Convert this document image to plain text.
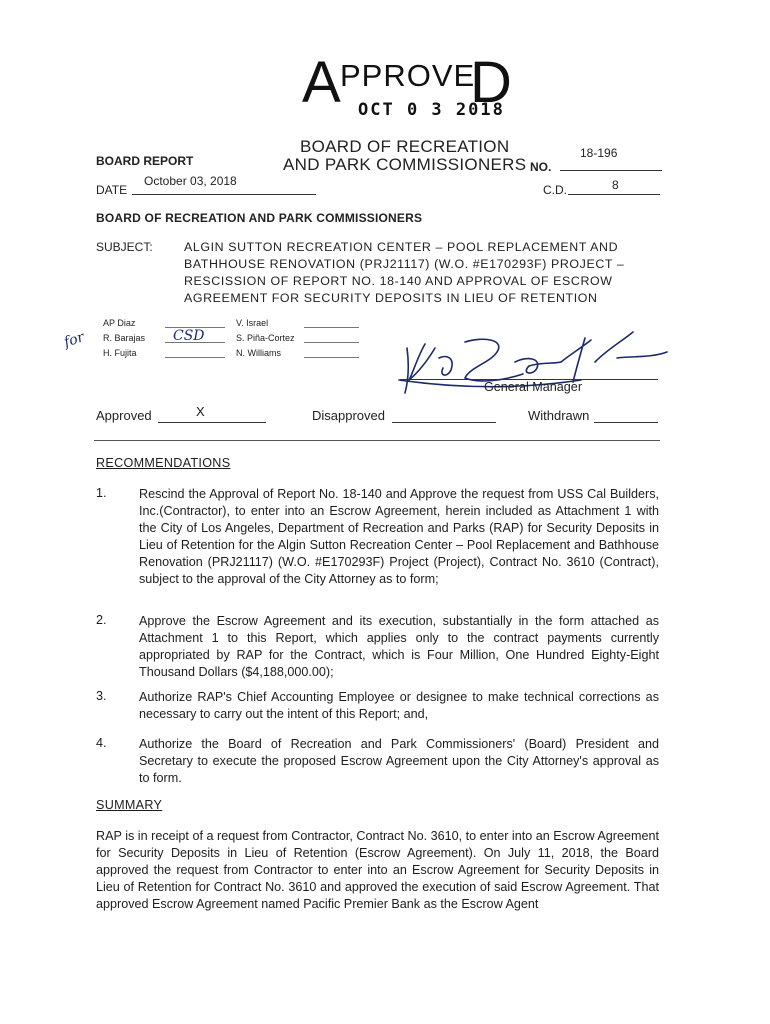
A PPROVE
D
OCT 0 3 2018
BOARD OF RECREATION
AND PARK COMMISSIONERS
BOARD REPORT	NO.
18-196
DATE
October 03, 2018
C.D.	8
BOARD OF RECREATION AND PARK COMMISSIONERS
SUBJECT:	ALGIN SUTTON RECREATION CENTER – POOL REPLACEMENT AND
BATHHOUSE RENOVATION (PRJ21117) (W.O. #E170293F) PROJECT –
RESCISSION OF REPORT NO. 18-140 AND APPROVAL OF ESCROW
AGREEMENT FOR SECURITY DEPOSITS IN LIEU OF RETENTION
AP Diaz
R. Barajas
H. Fujita
CSD
for
V. Israel
S. Piña-Cortez
N. Williams
General Manager
Approved	X	Disapproved	Withdrawn
RECOMMENDATIONS
1.	Rescind the Approval of Report No. 18-140 and Approve the request from USS Cal Builders, Inc.(Contractor), to enter into an Escrow Agreement, herein included as Attachment 1 with the City of Los Angeles, Department of Recreation and Parks (RAP) for Security Deposits in Lieu of Retention for the Algin Sutton Recreation Center – Pool Replacement and Bathhouse Renovation (PRJ21117) (W.O. #E170293F) Project (Project), Contract No. 3610 (Contract), subject to the approval of the City Attorney as to form;
2.	Approve the Escrow Agreement and its execution, substantially in the form attached as Attachment 1 to this Report, which applies only to the contract payments currently appropriated by RAP for the Contract, which is Four Million, One Hundred Eighty-Eight Thousand Dollars ($4,188,000.00);
3.	Authorize RAP's Chief Accounting Employee or designee to make technical corrections as necessary to carry out the intent of this Report; and,
4.	Authorize the Board of Recreation and Park Commissioners' (Board) President and Secretary to execute the proposed Escrow Agreement upon the City Attorney's approval as to form.
SUMMARY
RAP is in receipt of a request from Contractor, Contract No. 3610, to enter into an Escrow Agreement for Security Deposits in Lieu of Retention (Escrow Agreement). On July 11, 2018, the Board approved the request from Contractor to enter into an Escrow Agreement for Security Deposits in Lieu of Retention for Contract No. 3610 and approved the execution of said Escrow Agreement. That approved Escrow Agreement named Pacific Premier Bank as the Escrow Agent
